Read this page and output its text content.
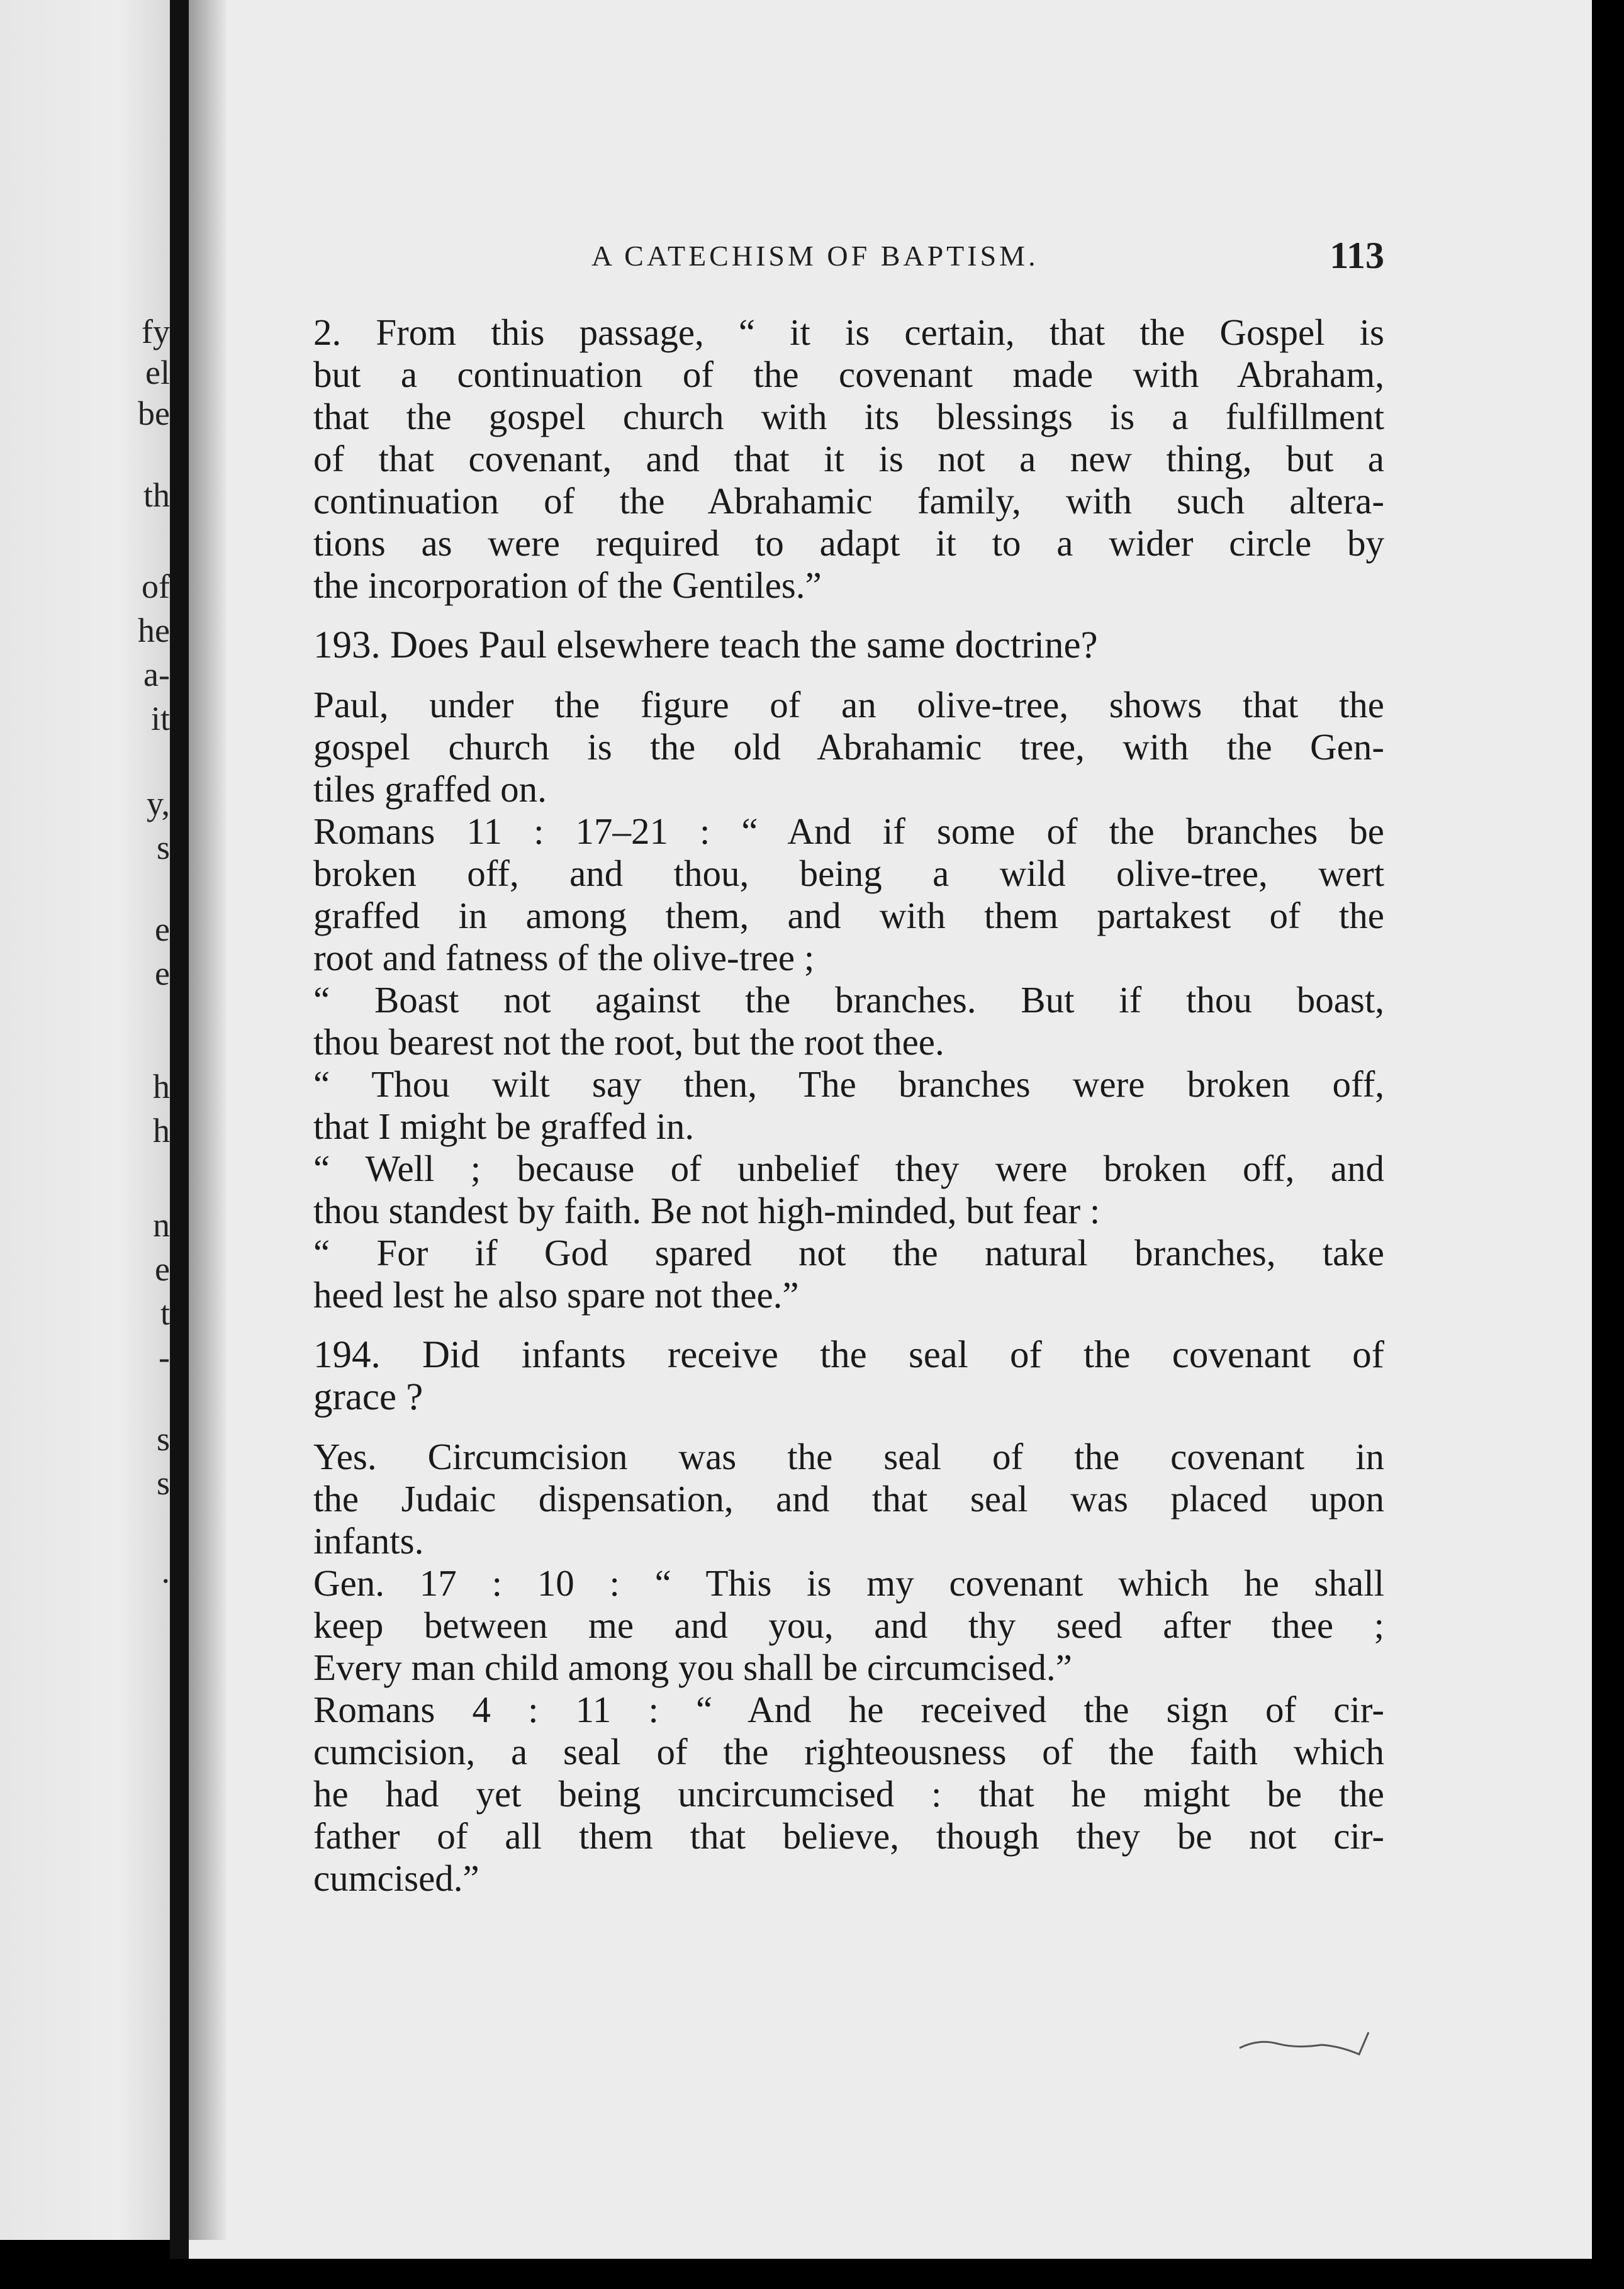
fy
el
be
th
of
he
a-
it
y,
s
e
e
h
h
n
e
t
-
s
s
.
A CATECHISM OF BAPTISM.	113
2. From this passage, “ it is certain, that the Gospel is
but a continuation of the covenant made with Abraham,
that the gospel church with its blessings is a fulfillment
of that covenant, and that it is not a new thing, but a
continuation of the Abrahamic family, with such altera-
tions as were required to adapt it to a wider circle by
the incorporation of the Gentiles.”
193. Does Paul elsewhere teach the same doctrine?
Paul, under the figure of an olive-tree, shows that the
gospel church is the old Abrahamic tree, with the Gen-
tiles graffed on.
Romans 11 : 17–21 : “ And if some of the branches be
broken off, and thou, being a wild olive-tree, wert
graffed in among them, and with them partakest of the
root and fatness of the olive-tree ;
“ Boast not against the branches. But if thou boast,
thou bearest not the root, but the root thee.
“ Thou wilt say then, The branches were broken off,
that I might be graffed in.
“ Well ; because of unbelief they were broken off, and
thou standest by faith. Be not high-minded, but fear :
“ For if God spared not the natural branches, take
heed lest he also spare not thee.”
194. Did infants receive the seal of the covenant of
grace ?
Yes. Circumcision was the seal of the covenant in
the Judaic dispensation, and that seal was placed upon
infants.
Gen. 17 : 10 : “ This is my covenant which he shall
keep between me and you, and thy seed after thee ;
Every man child among you shall be circumcised.”
Romans 4 : 11 : “ And he received the sign of cir-
cumcision, a seal of the righteousness of the faith which
he had yet being uncircumcised : that he might be the
father of all them that believe, though they be not cir-
cumcised.”
